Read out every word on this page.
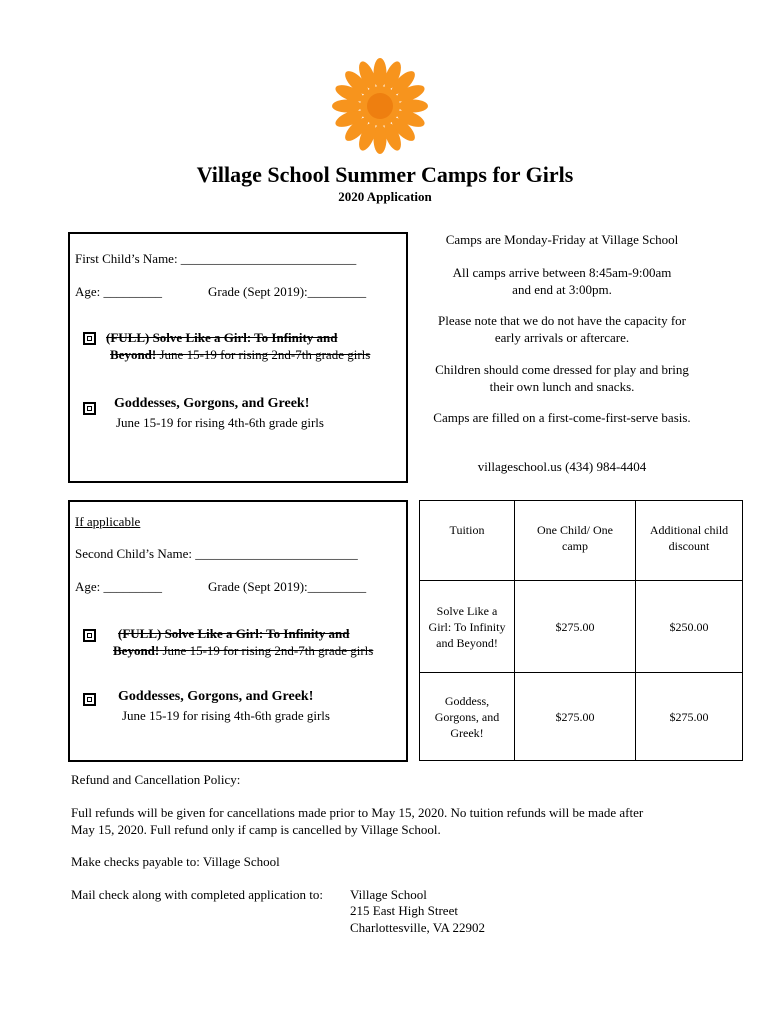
Village School Summer Camps for Girls
2020 Application
First Child’s Name: ___________________________
Age: _________	Grade (Sept 2019):_________
(FULL) Solve Like a Girl: To Infinity and
Beyond! June 15-19 for rising 2nd-7th grade girls
Goddesses, Gorgons, and Greek!
June 15-19 for rising 4th-6th grade girls
Camps are Monday-Friday at Village School
All camps arrive between 8:45am-9:00am
and end at 3:00pm.
Please note that we do not have the capacity for
early arrivals or aftercare.
Children should come dressed for play and bring
their own lunch and snacks.
Camps are filled on a first-come-first-serve basis.
villageschool.us (434) 984-4404
If applicable
Second Child’s Name: _________________________
Age: _________	Grade (Sept 2019):_________
(FULL) Solve Like a Girl: To Infinity and
Beyond! June 15-19 for rising 2nd-7th grade girls
Goddesses, Gorgons, and Greek!
June 15-19 for rising 4th-6th grade girls
Tuition	One Child/ One camp	Additional child discount
Solve Like a Girl: To Infinity and Beyond!	$275.00	$250.00
Goddess, Gorgons, and Greek!	$275.00	$275.00
Refund and Cancellation Policy:
Full refunds will be given for cancellations made prior to May 15, 2020. No tuition refunds will be made after
May 15, 2020. Full refund only if camp is cancelled by Village School.
Make checks payable to: Village School
Mail check along with completed application to: Village School
215 East High Street
Charlottesville, VA 22902
